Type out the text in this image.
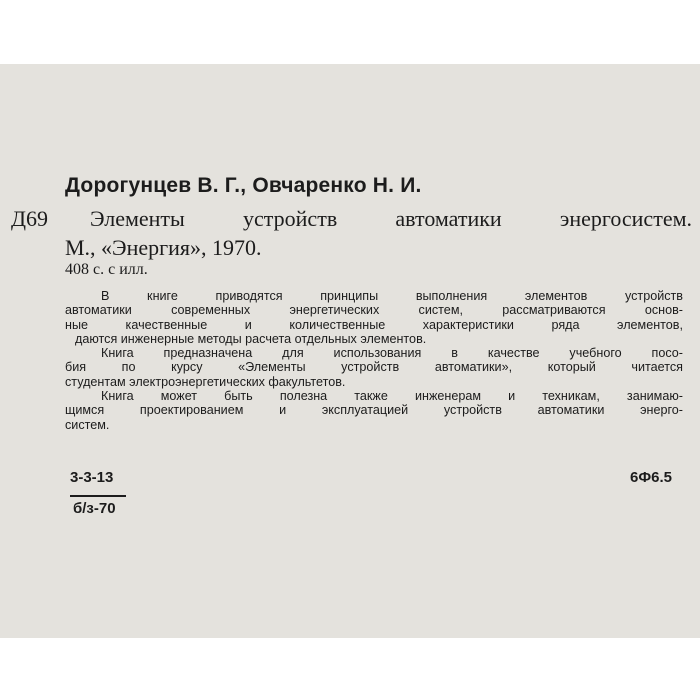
Дорогунцев В. Г., Овчаренко Н. И.
Д69 Элементы устройств автоматики энергосистем.
М., «Энергия», 1970.
408 с. с илл.
В книге приводятся принципы выполнения элементов устройств
автоматики современных энергетических систем, рассматриваются основ-
ные качественные и количественные характеристики ряда элементов,
даются инженерные методы расчета отдельных элементов.
Книга предназначена для использования в качестве учебного посо-
бия по курсу «Элементы устройств автоматики», который читается
студентам электроэнергетических факультетов.
Книга может быть полезна также инженерам и техникам, занимаю-
щимся проектированием и эксплуатацией устройств автоматики энерго-
систем.
3-3-13	6Ф6.5
б/з-70
